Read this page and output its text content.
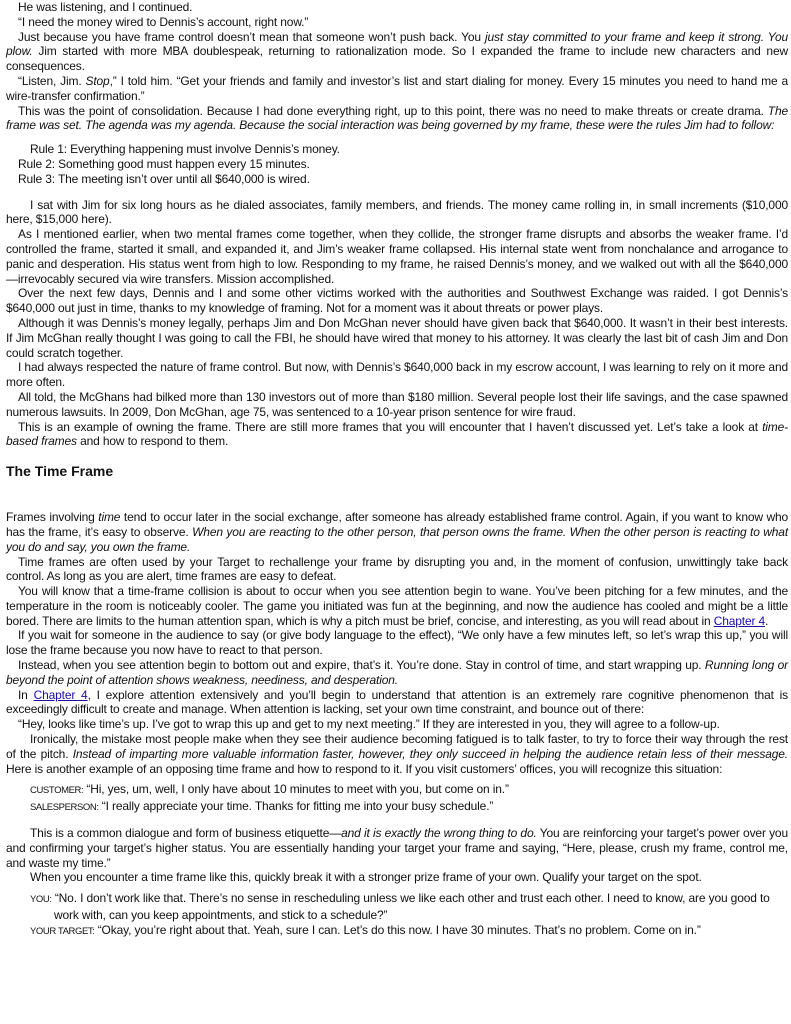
He was listening, and I continued.

“I need the money wired to Dennis’s account, right now.”

Just because you have frame control doesn’t mean that someone won’t push back. You just stay committed to your frame and keep it strong. You plow. Jim started with more MBA doublespeak, returning to rationalization mode. So I expanded the frame to include new characters and new consequences.

“Listen, Jim. Stop,” I told him. “Get your friends and family and investor’s list and start dialing for money. Every 15 minutes you need to hand me a wire-transfer confirmation.”

This was the point of consolidation. Because I had done everything right, up to this point, there was no need to make threats or create drama. The frame was set. The agenda was my agenda. Because the social interaction was being governed by my frame, these were the rules Jim had to follow:

Rule 1: Everything happening must involve Dennis’s money.

Rule 2: Something good must happen every 15 minutes.

Rule 3: The meeting isn’t over until all $640,000 is wired.

I sat with Jim for six long hours as he dialed associates, family members, and friends. The money came rolling in, in small increments ($10,000 here, $15,000 here).

As I mentioned earlier, when two mental frames come together, when they collide, the stronger frame disrupts and absorbs the weaker frame. I’d controlled the frame, started it small, and expanded it, and Jim’s weaker frame collapsed. His internal state went from nonchalance and arrogance to panic and desperation. His status went from high to low. Responding to my frame, he raised Dennis’s money, and we walked out with all the $640,000—irrevocably secured via wire transfers. Mission accomplished.

Over the next few days, Dennis and I and some other victims worked with the authorities and Southwest Exchange was raided. I got Dennis’s $640,000 out just in time, thanks to my knowledge of framing. Not for a moment was it about threats or power plays.

Although it was Dennis’s money legally, perhaps Jim and Don McGhan never should have given back that $640,000. It wasn’t in their best interests. If Jim McGhan really thought I was going to call the FBI, he should have wired that money to his attorney. It was clearly the last bit of cash Jim and Don could scratch together.

I had always respected the nature of frame control. But now, with Dennis’s $640,000 back in my escrow account, I was learning to rely on it more and more often.

All told, the McGhans had bilked more than 130 investors out of more than $180 million. Several people lost their life savings, and the case spawned numerous lawsuits. In 2009, Don McGhan, age 75, was sentenced to a 10-year prison sentence for wire fraud.

This is an example of owning the frame. There are still more frames that you will encounter that I haven’t discussed yet. Let’s take a look at time-based frames and how to respond to them.

The Time Frame

Frames involving time tend to occur later in the social exchange, after someone has already established frame control. Again, if you want to know who has the frame, it’s easy to observe. When you are reacting to the other person, that person owns the frame. When the other person is reacting to what you do and say, you own the frame.

Time frames are often used by your Target to rechallenge your frame by disrupting you and, in the moment of confusion, unwittingly take back control. As long as you are alert, time frames are easy to defeat.

You will know that a time-frame collision is about to occur when you see attention begin to wane. You’ve been pitching for a few minutes, and the temperature in the room is noticeably cooler. The game you initiated was fun at the beginning, and now the audience has cooled and might be a little bored. There are limits to the human attention span, which is why a pitch must be brief, concise, and interesting, as you will read about in Chapter 4.

If you wait for someone in the audience to say (or give body language to the effect), “We only have a few minutes left, so let’s wrap this up,” you will lose the frame because you now have to react to that person.

Instead, when you see attention begin to bottom out and expire, that’s it. You’re done. Stay in control of time, and start wrapping up. Running long or beyond the point of attention shows weakness, neediness, and desperation.

In Chapter 4, I explore attention extensively and you’ll begin to understand that attention is an extremely rare cognitive phenomenon that is exceedingly difficult to create and manage. When attention is lacking, set your own time constraint, and bounce out of there:

“Hey, looks like time’s up. I’ve got to wrap this up and get to my next meeting.” If they are interested in you, they will agree to a follow-up.

Ironically, the mistake most people make when they see their audience becoming fatigued is to talk faster, to try to force their way through the rest of the pitch. Instead of imparting more valuable information faster, however, they only succeed in helping the audience retain less of their message. Here is another example of an opposing time frame and how to respond to it. If you visit customers’ offices, you will recognize this situation:

CUSTOMER: “Hi, yes, um, well, I only have about 10 minutes to meet with you, but come on in.”

SALESPERSON: “I really appreciate your time. Thanks for fitting me into your busy schedule.”

This is a common dialogue and form of business etiquette—and it is exactly the wrong thing to do. You are reinforcing your target’s power over you and confirming your target’s higher status. You are essentially handing your target your frame and saying, “Here, please, crush my frame, control me, and waste my time.”

When you encounter a time frame like this, quickly break it with a stronger prize frame of your own. Qualify your target on the spot.

YOU: “No. I don’t work like that. There’s no sense in rescheduling unless we like each other and trust each other. I need to know, are you good to work with, can you keep appointments, and stick to a schedule?”

YOUR TARGET: “Okay, you’re right about that. Yeah, sure I can. Let’s do this now. I have 30 minutes. That’s no problem. Come on in.”
